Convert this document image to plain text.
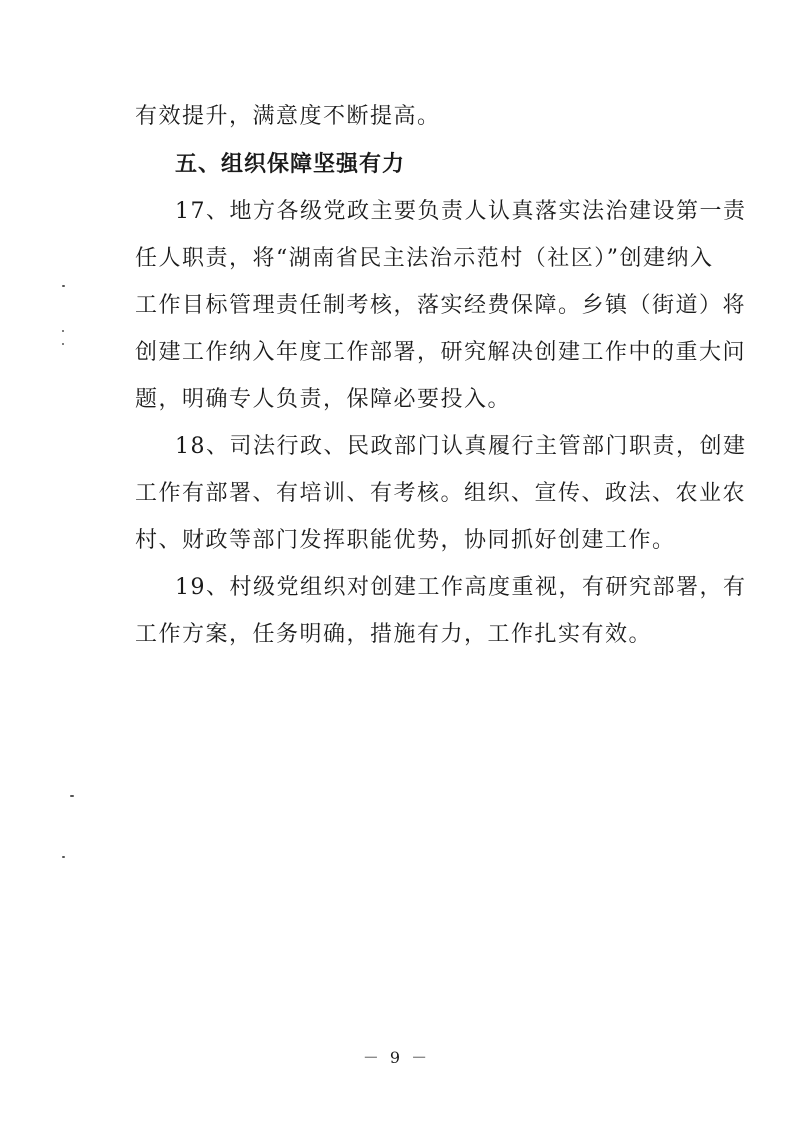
有效提升，满意度不断提高。
五、组织保障坚强有力
17、地方各级党政主要负责人认真落实法治建设第一责
任人职责，将“湖南省民主法治示范村（社区）”创建纳入
工作目标管理责任制考核，落实经费保障。乡镇（街道）将
创建工作纳入年度工作部署，研究解决创建工作中的重大问
题，明确专人负责，保障必要投入。
18、司法行政、民政部门认真履行主管部门职责，创建
工作有部署、有培训、有考核。组织、宣传、政法、农业农
村、财政等部门发挥职能优势，协同抓好创建工作。
19、村级党组织对创建工作高度重视，有研究部署，有
工作方案，任务明确，措施有力，工作扎实有效。
－ 9 －
